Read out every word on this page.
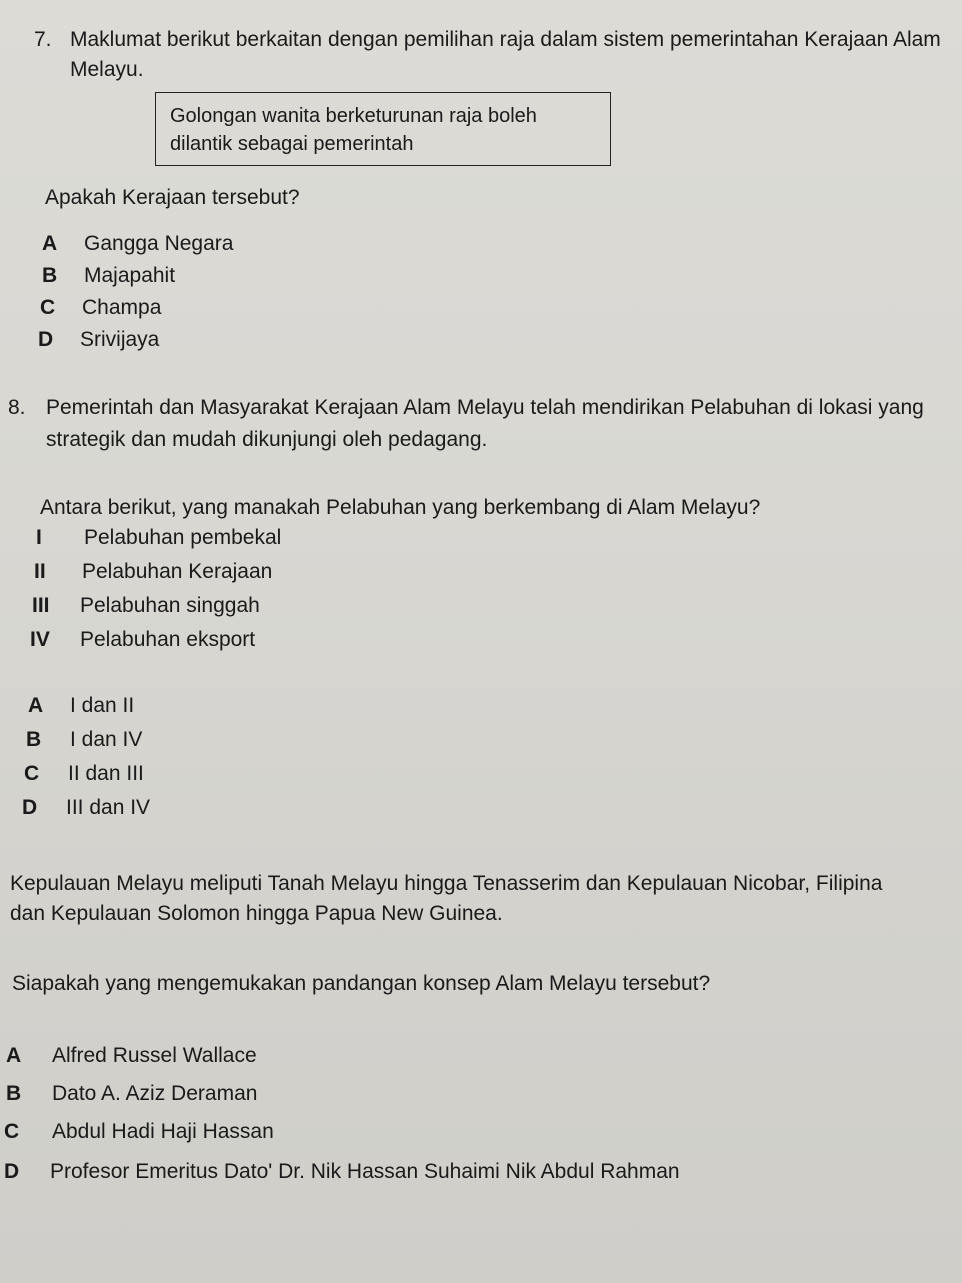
7. Maklumat berikut berkaitan dengan pemilihan raja dalam sistem pemerintahan Kerajaan Alam
Melayu.
Golongan wanita berketurunan raja boleh
dilantik sebagai pemerintah
Apakah Kerajaan tersebut?
A Gangga Negara
B Majapahit
C Champa
D Srivijaya
8. Pemerintah dan Masyarakat Kerajaan Alam Melayu telah mendirikan Pelabuhan di lokasi yang
strategik dan mudah dikunjungi oleh pedagang.
Antara berikut, yang manakah Pelabuhan yang berkembang di Alam Melayu?
I Pelabuhan pembekal
II Pelabuhan Kerajaan
III Pelabuhan singgah
IV Pelabuhan eksport
A I dan II
B I dan IV
C II dan III
D III dan IV
Kepulauan Melayu meliputi Tanah Melayu hingga Tenasserim dan Kepulauan Nicobar, Filipina
dan Kepulauan Solomon hingga Papua New Guinea.
Siapakah yang mengemukakan pandangan konsep Alam Melayu tersebut?
A Alfred Russel Wallace
B Dato A. Aziz Deraman
C Abdul Hadi Haji Hassan
D Profesor Emeritus Dato' Dr. Nik Hassan Suhaimi Nik Abdul Rahman
